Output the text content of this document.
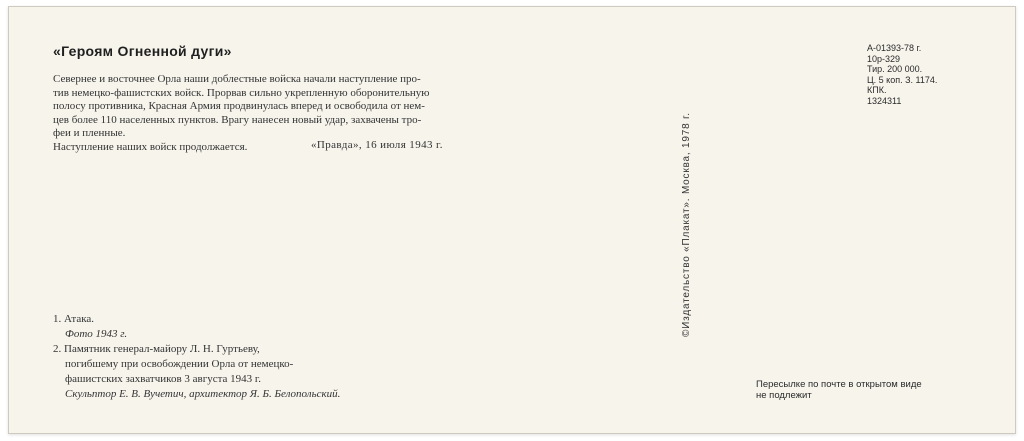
«Героям Огненной дуги»
Севернее и восточнее Орла наши доблестные войска начали наступление про-
тив немецко-фашистских войск. Прорвав сильно укрепленную оборонительную
полосу противника, Красная Армия продвинулась вперед и освободила от нем-
цев более 110 населенных пунктов. Врагу нанесен новый удар, захвачены тро-
феи и пленные.
Наступление наших войск продолжается.	«Правда», 16 июля 1943 г.
1. Атака.
Фото 1943 г.
2. Памятник генерал-майору Л. Н. Гуртьеву,
погибшему при освобождении Орла от немецко-
фашистских захватчиков 3 августа 1943 г.
Скульптор Е. В. Вучетич, архитектор Я. Б. Белопольский.
©Издательство «Плакат». Москва, 1978 г.
А-01393-78 г.
10р-329
Тир. 200 000.
Ц. 5 коп. З. 1174.
КПК.
1324311
Пересылке по почте в открытом виде
не подлежит
